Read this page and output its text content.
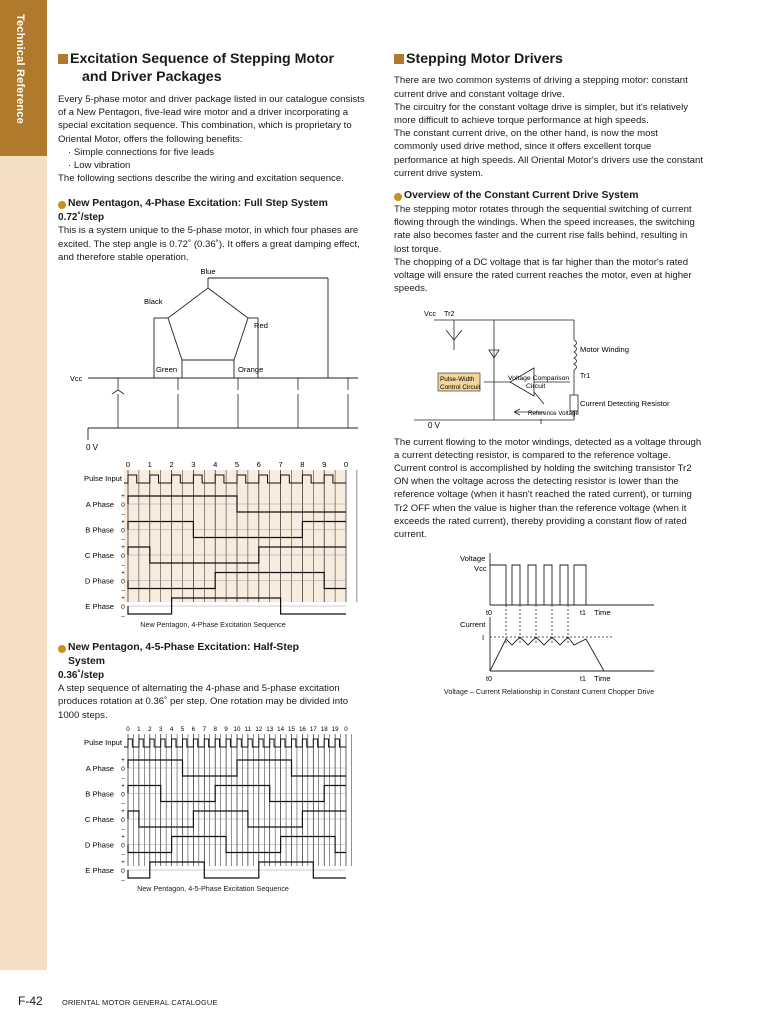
Technical Reference	Excitation Sequence of Stepping Motor
and Driver Packages

Every 5-phase motor and driver package listed in our catalogue consists of a New Pentagon, five-lead wire motor and a driver incorporating a special excitation sequence. This combination, which is proprietary to Oriental Motor, offers the following benefits:

· Simple connections for five leads

· Low vibration

The following sections describe the wiring and excitation sequence.

New Pentagon, 4-Phase Excitation: Full Step System
0.72˚/step

This is a system unique to the 5-phase motor, in which four phases are excited. The step angle is 0.72˚ (0.36˚). It offers a great damping effect, and therefore stable operation.

Blue
Black
Red
Green	Orange
Vcc
0 V
0 1 2 3 4 5 6 7 8 9 0
Pulse Input
A Phase 0
+
–
B Phase 0
+
–
C Phase 0
+
–
D Phase 0
+
–
E Phase 0
+
–

New Pentagon, 4-Phase Excitation Sequence

New Pentagon, 4-5-Phase Excitation: Half-Step
System
0.36˚/step

A step sequence of alternating the 4-phase and 5-phase excitation produces rotation at 0.36˚ per step. One rotation may be divided into 1000 steps.

0 1 2 3 4 5 6 7 8 9 10 11 12 13 14 15 16 17 18 19 0
Pulse Input
A Phase 0
+
–
B Phase 0
+
–
C Phase 0
+
–
D Phase 0
+
–
E Phase 0
+
–

New Pentagon, 4-5-Phase Excitation Sequence

Stepping Motor Drivers

There are two common systems of driving a stepping motor: constant current drive and constant voltage drive.

The circuitry for the constant voltage drive is simpler, but it's relatively more difficult to achieve torque performance at high speeds.

The constant current drive, on the other hand, is now the most commonly used drive method, since it offers excellent torque performance at high speeds. All Oriental Motor's drivers use the constant current drive system.

Overview of the Constant Current Drive System

The stepping motor rotates through the sequential switching of current flowing through the windings. When the speed increases, the switching rate also becomes faster and the current rise falls behind, resulting in lost torque.

The chopping of a DC voltage that is far higher than the motor's rated voltage will ensure the rated current reaches the motor, even at higher speeds.

Pulse-Width
Control Circuit
Vcc Tr2
Motor Winding
Tr1
Voltage Comparison
Circuit
Reference Voltage
Current Detecting Resistor
I
0 V

The current flowing to the motor windings, detected as a voltage through a current detecting resistor, is compared to the reference voltage. Current control is accomplished by holding the switching transistor Tr2 ON when the voltage across the detecting resistor is lower than the reference voltage (when it hasn't reached the rated current), or turning Tr2 OFF when the value is higher than the reference voltage (when it exceeds the rated current), thereby providing a constant flow of rated current.

Voltage
Vcc
t0	t1 Time
Current
I
t0	t1 Time

Voltage – Current Relationship in Constant Current Chopper Drive

F-42	ORIENTAL MOTOR GENERAL CATALOGUE
